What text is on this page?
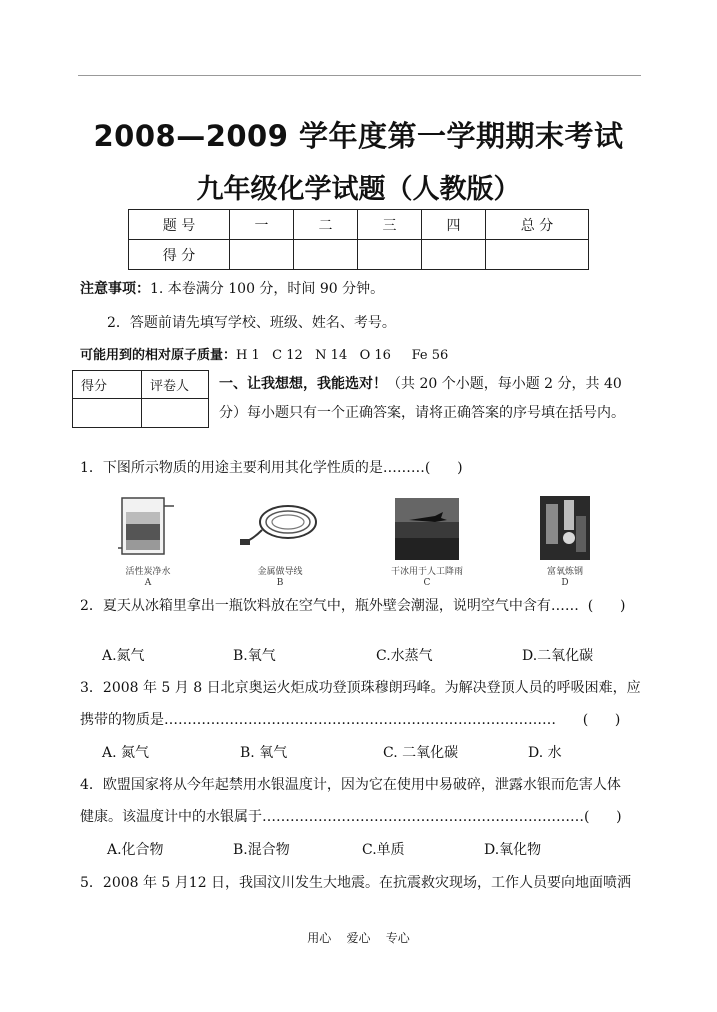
2008—2009 学年度第一学期期末考试
九年级化学试题（人教版）
题 号	一	二	三	四	总 分
得 分					
注意事项：1. 本卷满分 100 分，时间 90 分钟。
2．答题前请先填写学校、班级、姓名、考号。
可能用到的相对原子质量：H 1   C 12   N 14   O 16     Fe 56
得分	评卷人
	一、让我想想，我能选对！（共 20 个小题，每小题 2 分，共 40
分）每小题只有一个正确答案，请将正确答案的序号填在括号内。
1．下图所示物质的用途主要利用其化学性质的是………(      )
活性炭净水
A
金属做导线
B
干冰用于人工降雨
C
富氧炼钢
D
2．夏天从冰箱里拿出一瓶饮料放在空气中，瓶外壁会潮湿，说明空气中含有……  (      )
A.氮气	B.氧气	C.水蒸气	D.二氧化碳
3．2008 年 5 月 8 日北京奥运火炬成功登顶珠穆朗玛峰。为解决登顶人员的呼吸困难，应
携带的物质是…………………………………………………………………………      (      )
A. 氮气	B. 氧气	C. 二氧化碳	D. 水
4．欧盟国家将从今年起禁用水银温度计，因为它在使用中易破碎，泄露水银而危害人体
健康。该温度计中的水银属于……………………………………………………………(      )
A.化合物	B.混合物	C.单质	D.氧化物
5．2008 年 5 月12 日，我国汶川发生大地震。在抗震救灾现场，工作人员要向地面喷洒
用心    爱心    专心
